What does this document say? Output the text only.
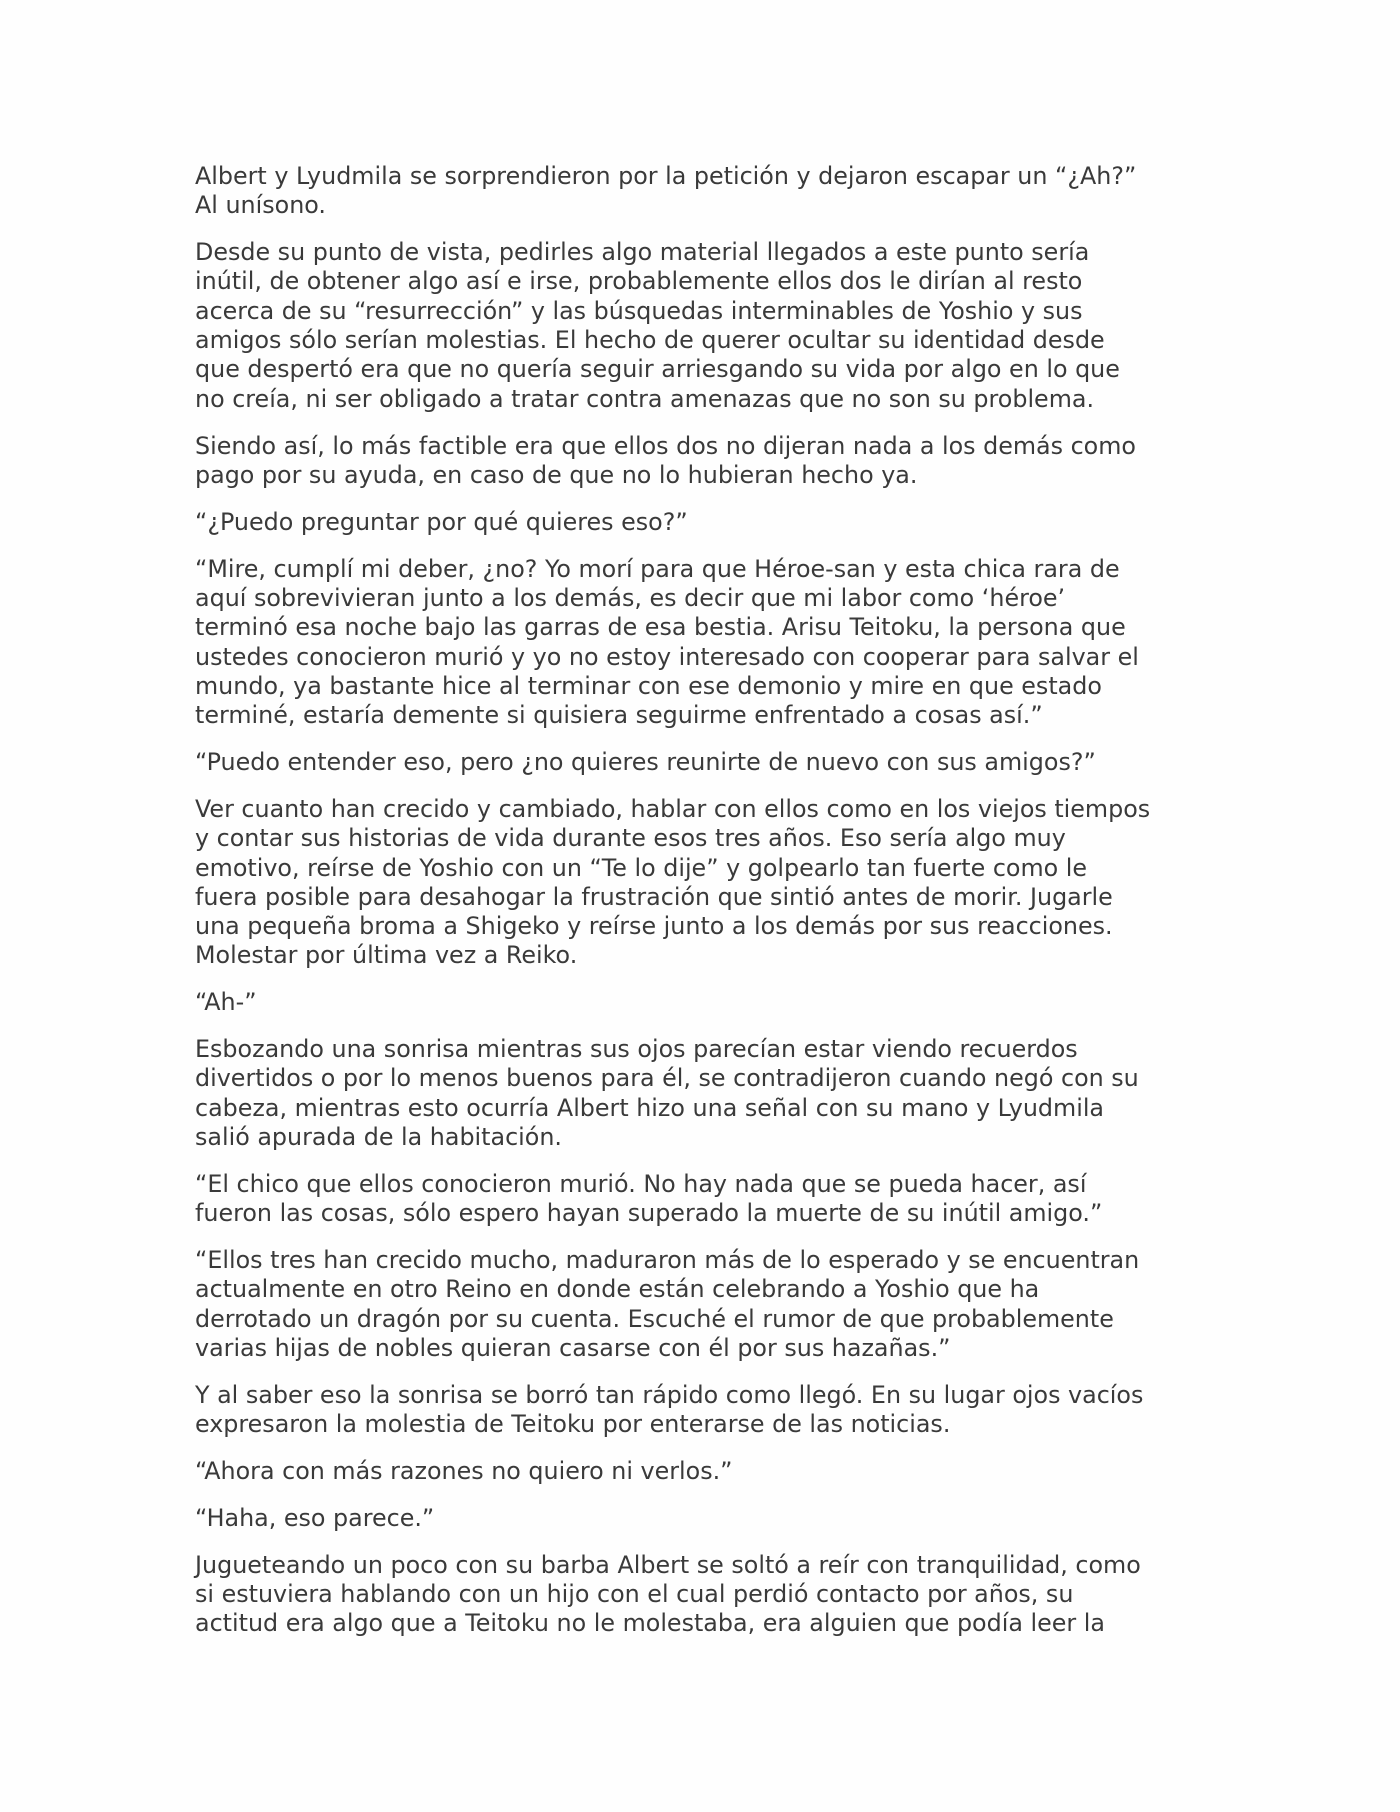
Albert y Lyudmila se sorprendieron por la petición y dejaron escapar un “¿Ah?”
Al unísono.

Desde su punto de vista, pedirles algo material llegados a este punto sería
inútil, de obtener algo así e irse, probablemente ellos dos le dirían al resto
acerca de su “resurrección” y las búsquedas interminables de Yoshio y sus
amigos sólo serían molestias. El hecho de querer ocultar su identidad desde
que despertó era que no quería seguir arriesgando su vida por algo en lo que
no creía, ni ser obligado a tratar contra amenazas que no son su problema.

Siendo así, lo más factible era que ellos dos no dijeran nada a los demás como
pago por su ayuda, en caso de que no lo hubieran hecho ya.

“¿Puedo preguntar por qué quieres eso?”

“Mire, cumplí mi deber, ¿no? Yo morí para que Héroe-san y esta chica rara de
aquí sobrevivieran junto a los demás, es decir que mi labor como ‘héroe’
terminó esa noche bajo las garras de esa bestia. Arisu Teitoku, la persona que
ustedes conocieron murió y yo no estoy interesado con cooperar para salvar el
mundo, ya bastante hice al terminar con ese demonio y mire en que estado
terminé, estaría demente si quisiera seguirme enfrentado a cosas así.”

“Puedo entender eso, pero ¿no quieres reunirte de nuevo con sus amigos?”

Ver cuanto han crecido y cambiado, hablar con ellos como en los viejos tiempos
y contar sus historias de vida durante esos tres años. Eso sería algo muy
emotivo, reírse de Yoshio con un “Te lo dije” y golpearlo tan fuerte como le
fuera posible para desahogar la frustración que sintió antes de morir. Jugarle
una pequeña broma a Shigeko y reírse junto a los demás por sus reacciones.
Molestar por última vez a Reiko.

“Ah-”

Esbozando una sonrisa mientras sus ojos parecían estar viendo recuerdos
divertidos o por lo menos buenos para él, se contradijeron cuando negó con su
cabeza, mientras esto ocurría Albert hizo una señal con su mano y Lyudmila
salió apurada de la habitación.

“El chico que ellos conocieron murió. No hay nada que se pueda hacer, así
fueron las cosas, sólo espero hayan superado la muerte de su inútil amigo.”

“Ellos tres han crecido mucho, maduraron más de lo esperado y se encuentran
actualmente en otro Reino en donde están celebrando a Yoshio que ha
derrotado un dragón por su cuenta. Escuché el rumor de que probablemente
varias hijas de nobles quieran casarse con él por sus hazañas.”

Y al saber eso la sonrisa se borró tan rápido como llegó. En su lugar ojos vacíos
expresaron la molestia de Teitoku por enterarse de las noticias.

“Ahora con más razones no quiero ni verlos.”

“Haha, eso parece.”

Jugueteando un poco con su barba Albert se soltó a reír con tranquilidad, como
si estuviera hablando con un hijo con el cual perdió contacto por años, su
actitud era algo que a Teitoku no le molestaba, era alguien que podía leer la
